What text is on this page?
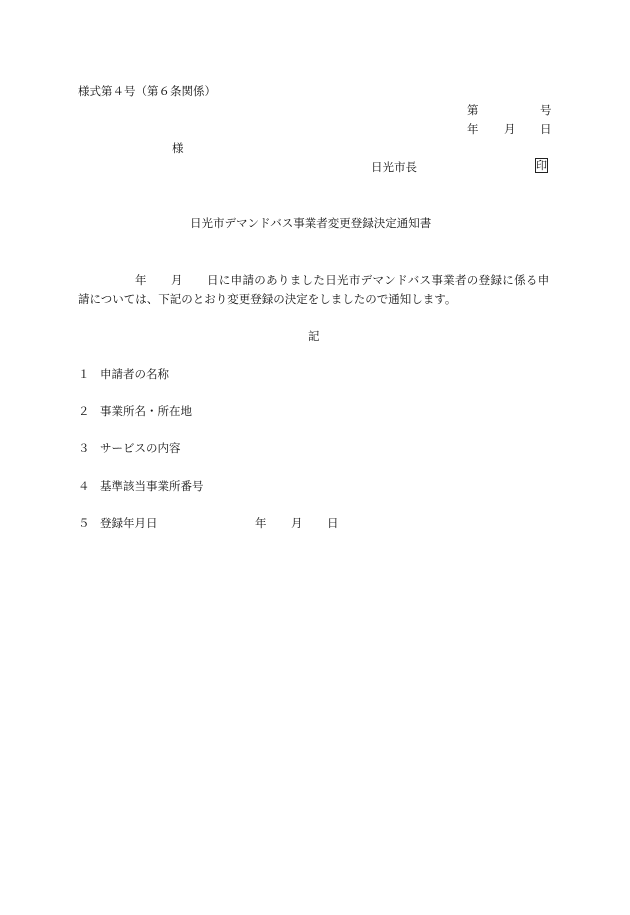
様式第４号（第６条関係）
第	号
年 月 日
様
日光市長	印
日光市デマンドバス事業者変更登録決定通知書
年 月 日に申請のありました日光市デマンドバス事業者の登録に係る申
請については、下記のとおり変更登録の決定をしましたので通知します。
記
１ 申請者の名称
２ 事業所名・所在地
３ サービスの内容
４ 基準該当事業所番号
５ 登録年月日	年 月 日
